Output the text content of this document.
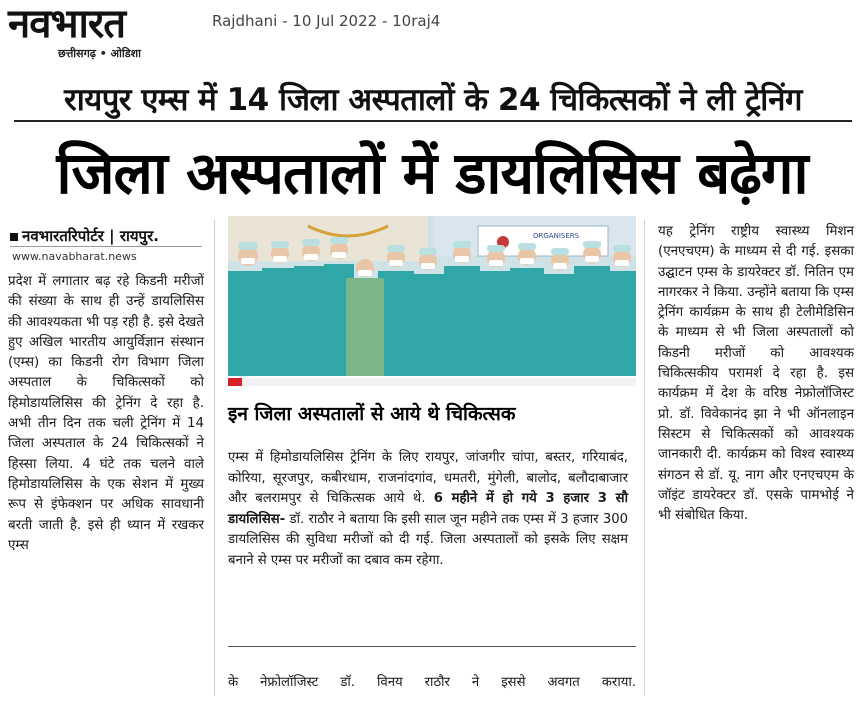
नवभारत
छत्तीसगढ़ • ओडिशा
Rajdhani - 10 Jul 2022 - 10raj4
रायपुर एम्स में 14 जिला अस्पतालों के 24 चिकित्सकों ने ली ट्रेनिंग
जिला अस्पतालों में डायलिसिस बढ़ेगा
नवभारतरिपोर्टर | रायपुर.
www.navabharat.news
प्रदेश में लगातार बढ़ रहे किडनी मरीजों की संख्या के साथ ही उन्हें डायलिसिस की आवश्यकता भी पड़ रही है. इसे देखते हुए अखिल भारतीय आयुर्विज्ञान संस्थान (एम्स) का किडनी रोग विभाग जिला अस्पताल के चिकित्सकों को हिमोडायलिसिस की ट्रेनिंग दे रहा है. अभी तीन दिन तक चली ट्रेनिंग में 14 जिला अस्पताल के 24 चिकित्सकों ने हिस्सा लिया. 4 घंटे तक चलने वाले हिमोडायलिसिस के एक सेशन में मुख्य रूप से इंफेक्शन पर अधिक सावधानी बरती जाती है. इसे ही ध्यान में रखकर एम्स
ORGANISERS
इन जिला अस्पतालों से आये थे चिकित्सक
एम्स में हिमोडायलिसिस ट्रेनिंग के लिए रायपुर, जांजगीर चांपा, बस्तर, गरियाबंद, कोरिया, सूरजपुर, कबीरधाम, राजनांदगांव, धमतरी, मुंगेली, बालोद, बलौदाबाजार और बलरामपुर से चिकित्सक आये थे. 6 महीने में हो गये 3 हजार 3 सौ डायलिसिस- डॉ. राठौर ने बताया कि इसी साल जून महीने तक एम्स में 3 हजार 300 डायलिसिस की सुविधा मरीजों को दी गई. जिला अस्पतालों को इसके लिए सक्षम बनाने से एम्स पर मरीजों का दबाव कम रहेगा.
के नेफ्रोलॉजिस्ट डॉ. विनय राठौर ने इससे अवगत कराया.
यह ट्रेनिंग राष्ट्रीय स्वास्थ्य मिशन (एनएचएम) के माध्यम से दी गई. इसका उद्घाटन एम्स के डायरेक्टर डॉ. नितिन एम नागरकर ने किया. उन्होंने बताया कि एम्स ट्रेनिंग कार्यक्रम के साथ ही टेलीमेडिसिन के माध्यम से भी जिला अस्पतालों को किडनी मरीजों को आवश्यक चिकित्सकीय परामर्श दे रहा है. इस कार्यक्रम में देश के वरिष्ठ नेफ्रोलॉजिस्ट प्रो. डॉ. विवेकानंद झा ने भी ऑनलाइन सिस्टम से चिकित्सकों को आवश्यक जानकारी दी. कार्यक्रम को विश्व स्वास्थ्य संगठन से डॉ. यू. नाग और एनएचएम के जॉइंट डायरेक्टर डॉ. एसके पामभोई ने भी संबोधित किया.
